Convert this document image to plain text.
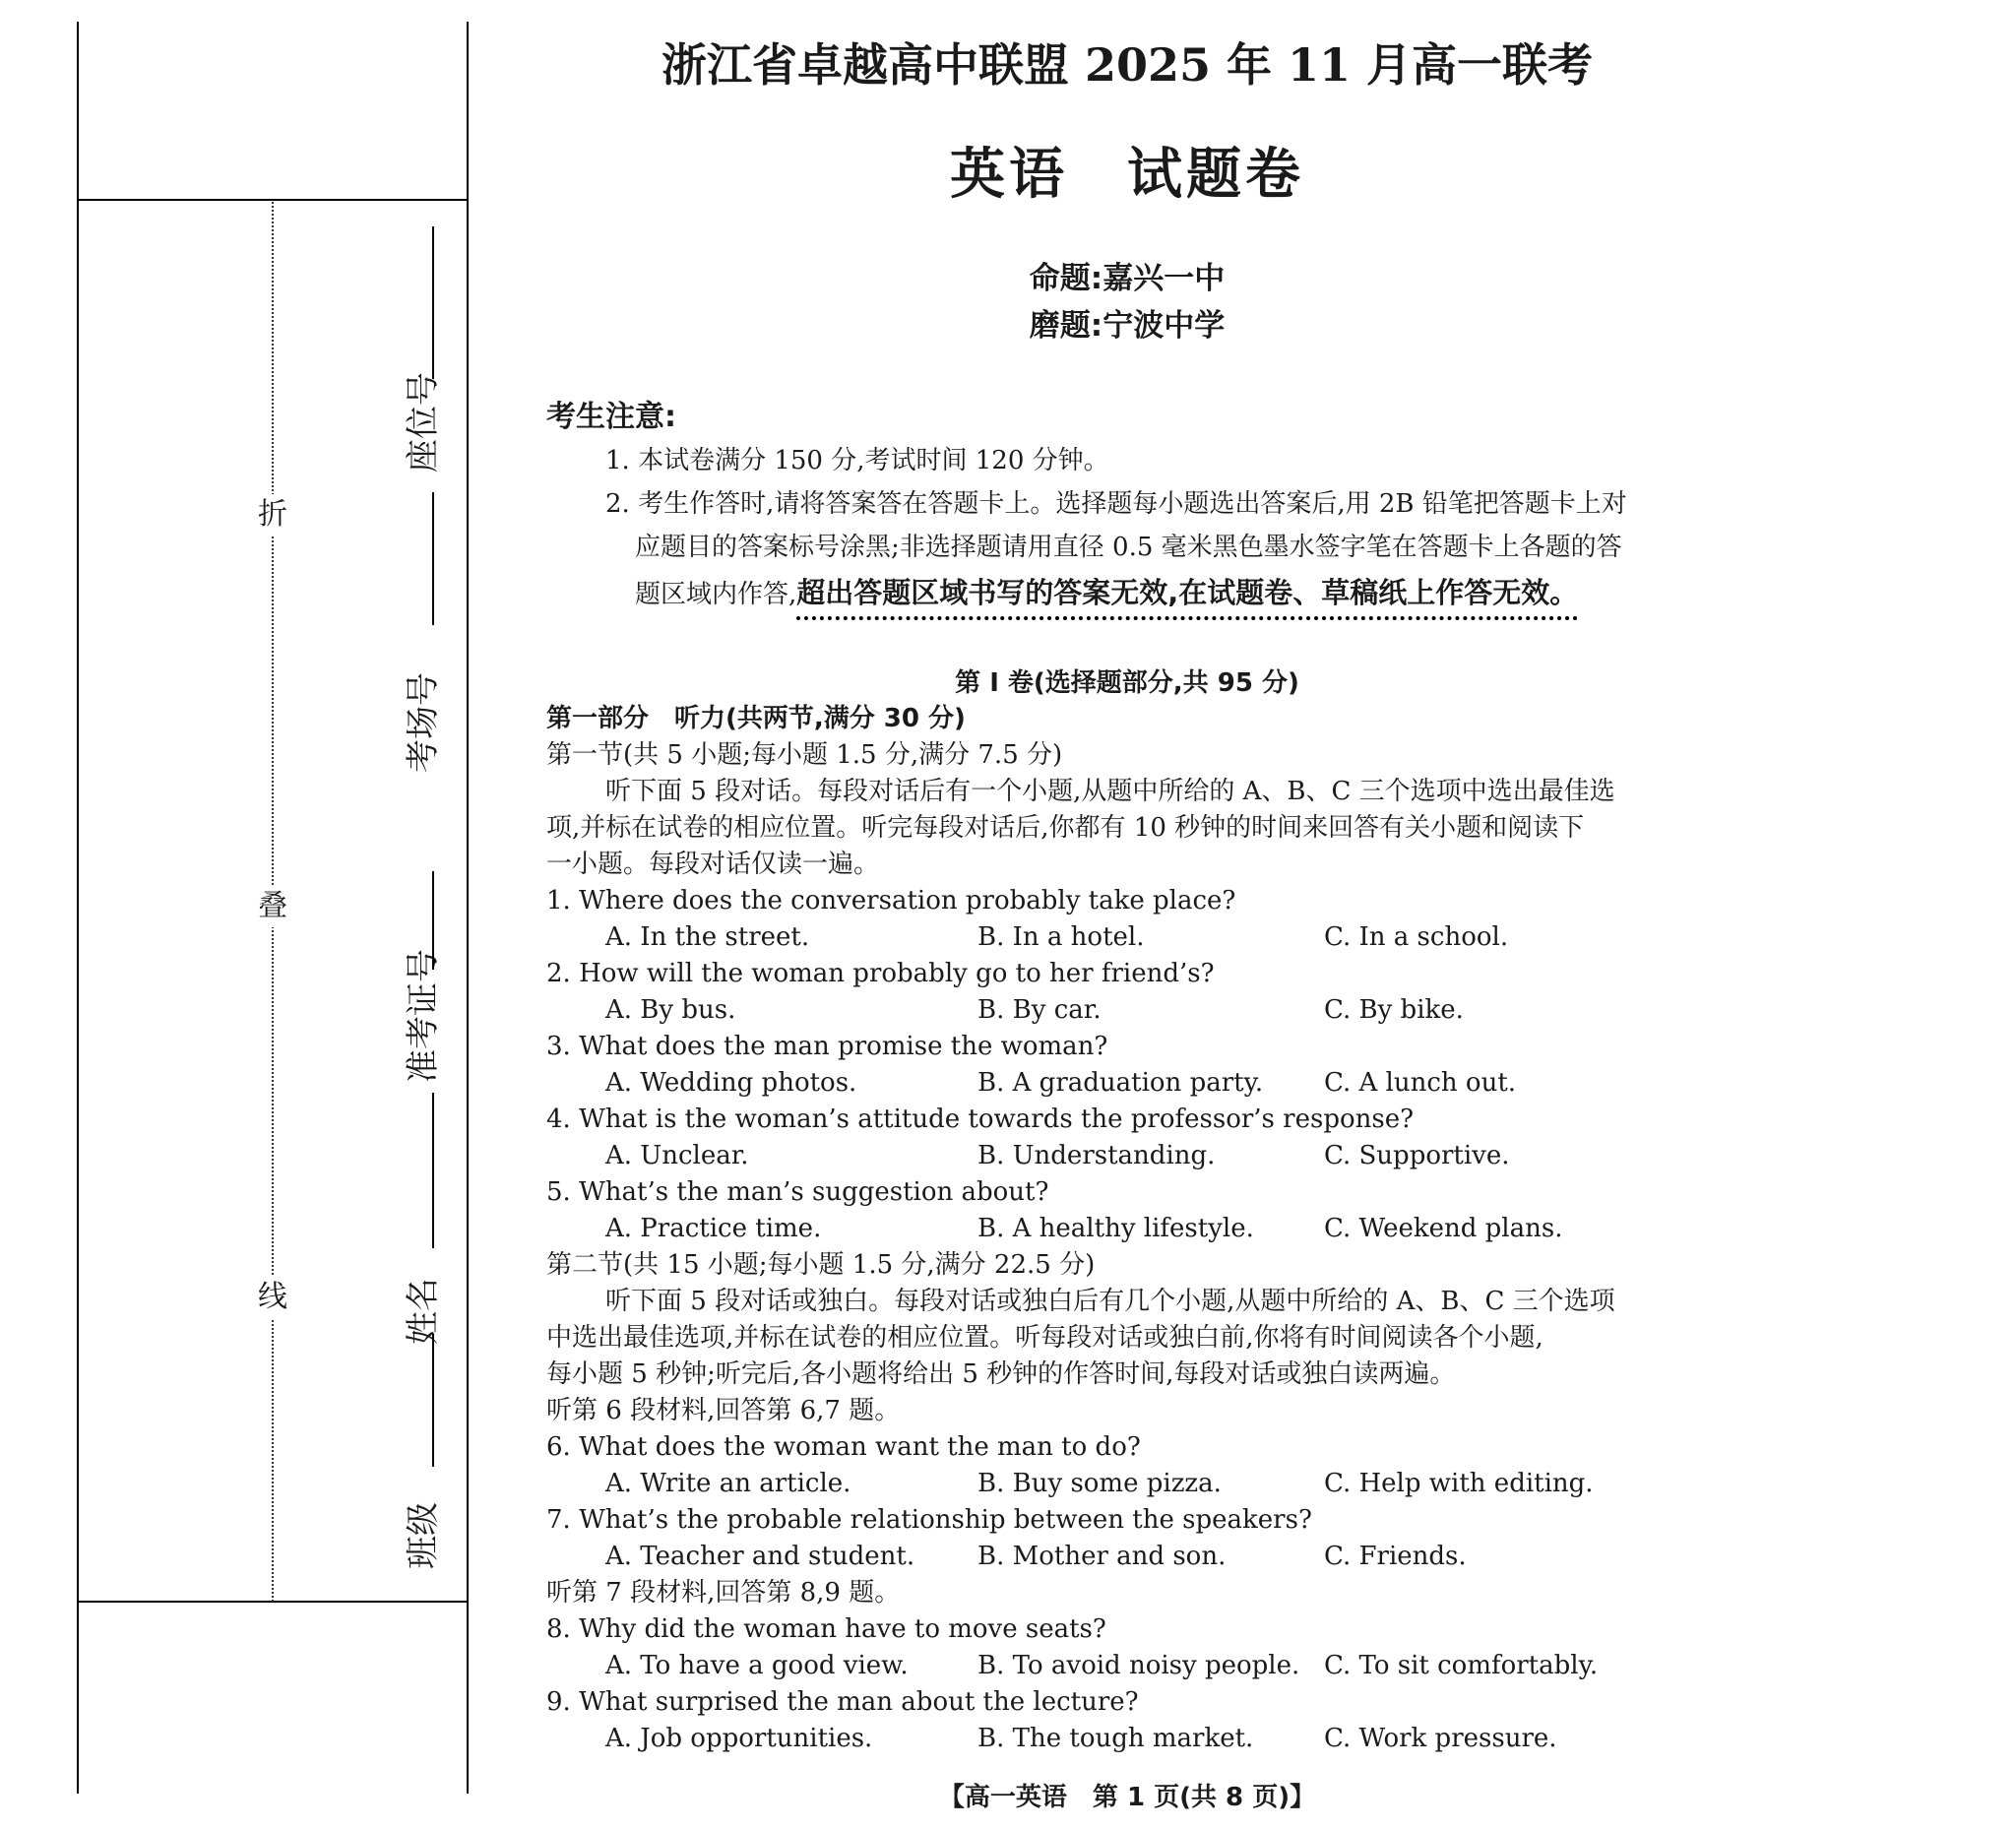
折
叠
线
座位号
考场号
准考证号
姓名
班级
浙江省卓越高中联盟 2025 年 11 月高一联考
英语　试题卷
命题:嘉兴一中
磨题:宁波中学
考生注意:
1. 本试卷满分 150 分,考试时间 120 分钟。
2. 考生作答时,请将答案答在答题卡上。选择题每小题选出答案后,用 2B 铅笔把答题卡上对
应题目的答案标号涂黑;非选择题请用直径 0.5 毫米黑色墨水签字笔在答题卡上各题的答
题区域内作答,超出答题区域书写的答案无效,在试题卷、草稿纸上作答无效。
第 Ⅰ 卷(选择题部分,共 95 分)
第一部分　听力(共两节,满分 30 分)
第一节(共 5 小题;每小题 1.5 分,满分 7.5 分)
听下面 5 段对话。每段对话后有一个小题,从题中所给的 A、B、C 三个选项中选出最佳选
项,并标在试卷的相应位置。听完每段对话后,你都有 10 秒钟的时间来回答有关小题和阅读下
一小题。每段对话仅读一遍。
1. Where does the conversation probably take place?
A. In the street.	B. In a hotel.	C. In a school.
2. How will the woman probably go to her friend’s?
A. By bus.	B. By car.	C. By bike.
3. What does the man promise the woman?
A. Wedding photos.	B. A graduation party. C. A lunch out.
4. What is the woman’s attitude towards the professor’s response?
A. Unclear.	B. Understanding.	C. Supportive.
5. What’s the man’s suggestion about?
A. Practice time.	B. A healthy lifestyle.	C. Weekend plans.
第二节(共 15 小题;每小题 1.5 分,满分 22.5 分)
听下面 5 段对话或独白。每段对话或独白后有几个小题,从题中所给的 A、B、C 三个选项
中选出最佳选项,并标在试卷的相应位置。听每段对话或独白前,你将有时间阅读各个小题,
每小题 5 秒钟;听完后,各小题将给出 5 秒钟的作答时间,每段对话或独白读两遍。
听第 6 段材料,回答第 6,7 题。
6. What does the woman want the man to do?
A. Write an article.	B. Buy some pizza.	C. Help with editing.
7. What’s the probable relationship between the speakers?
A. Teacher and student. B. Mother and son.	C. Friends.
听第 7 段材料,回答第 8,9 题。
8. Why did the woman have to move seats?
A. To have a good view.	B. To avoid noisy people. C. To sit comfortably.
9. What surprised the man about the lecture?
A. Job opportunities.	B. The tough market.	C. Work pressure.
【高一英语　第 1 页(共 8 页)】
